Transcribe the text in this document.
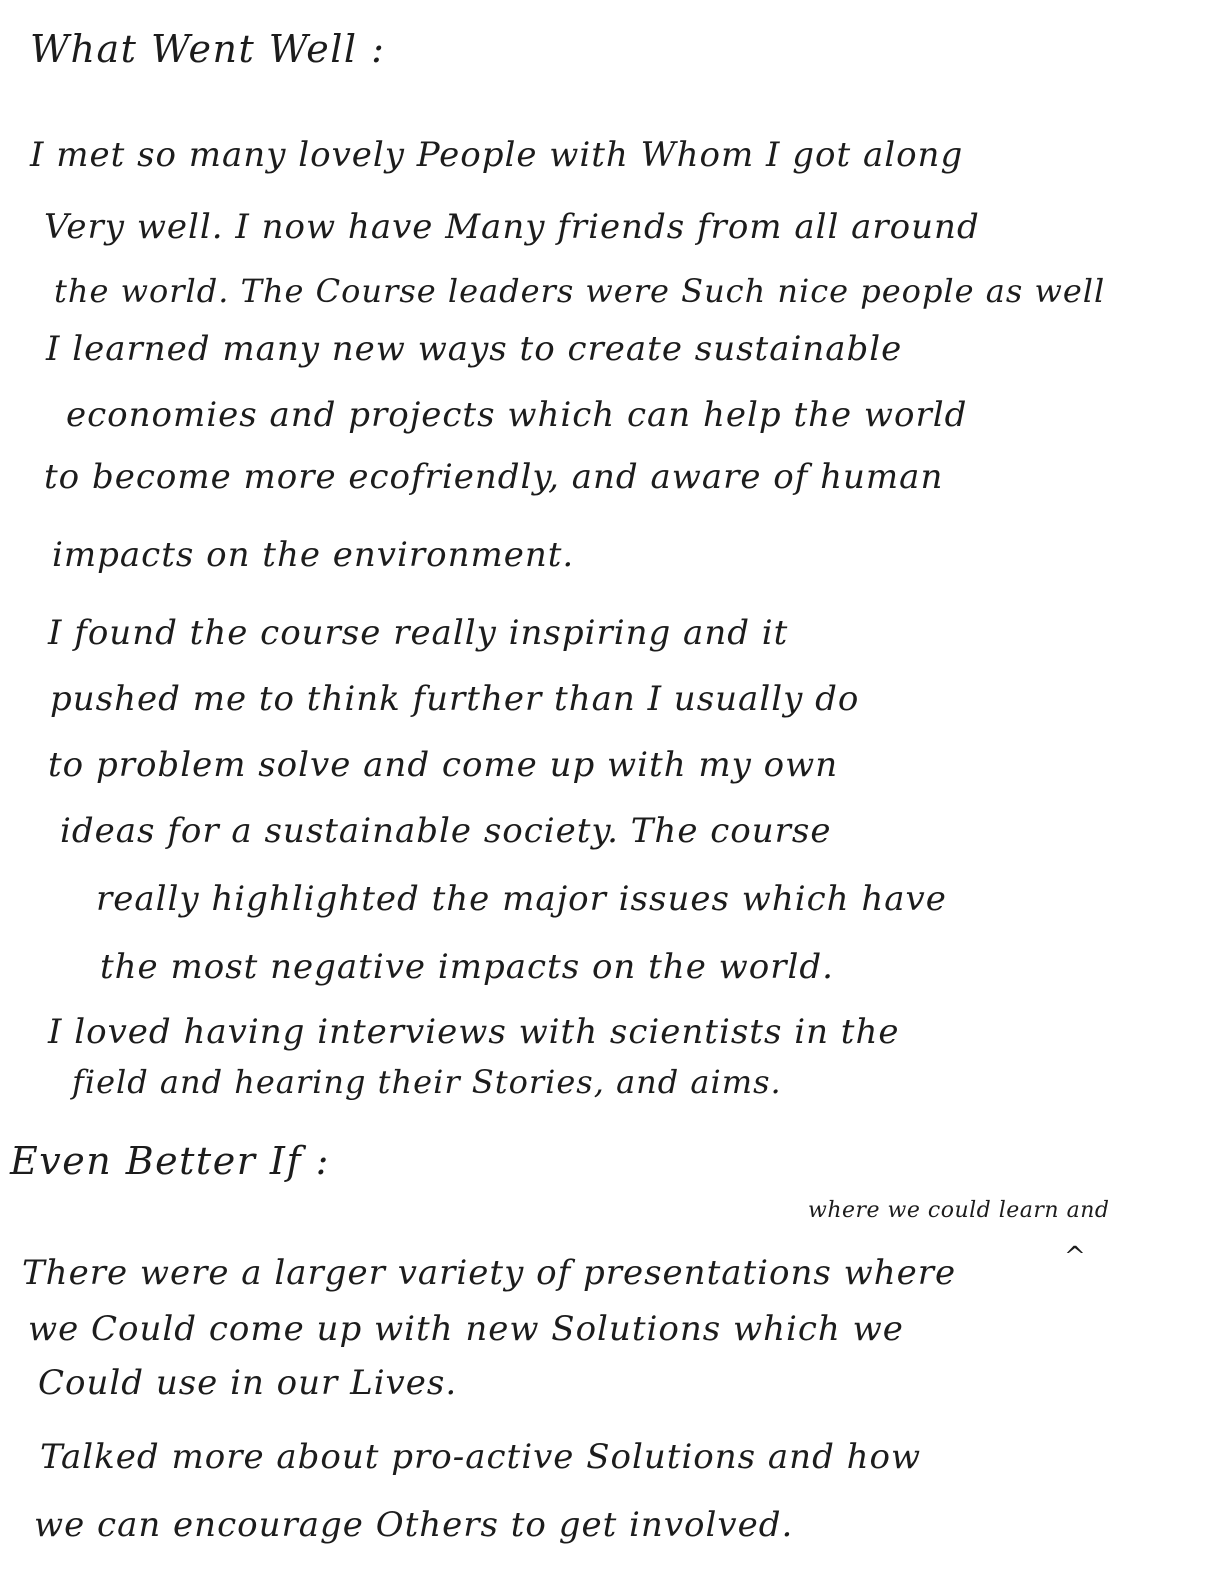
What Went Well :
I met so many lovely People with Whom I got along
Very well. I now have Many friends from all around
the world. The Course leaders were Such nice people as well
I learned many new ways to create sustainable
economies and projects which can help the world
to become more ecofriendly, and aware of human
impacts on the environment.
I found the course really inspiring and it
pushed me to think further than I usually do
to problem solve and come up with my own
ideas for a sustainable society. The course
really highlighted the major issues which have
the most negative impacts on the world.
I loved having interviews with scientists in the
field and hearing their Stories, and aims.
Even Better If :
where we could learn and
^
There were a larger variety of presentations where
we Could come up with new Solutions which we
Could use in our Lives.
Talked more about pro-active Solutions and how
we can encourage Others to get involved.
